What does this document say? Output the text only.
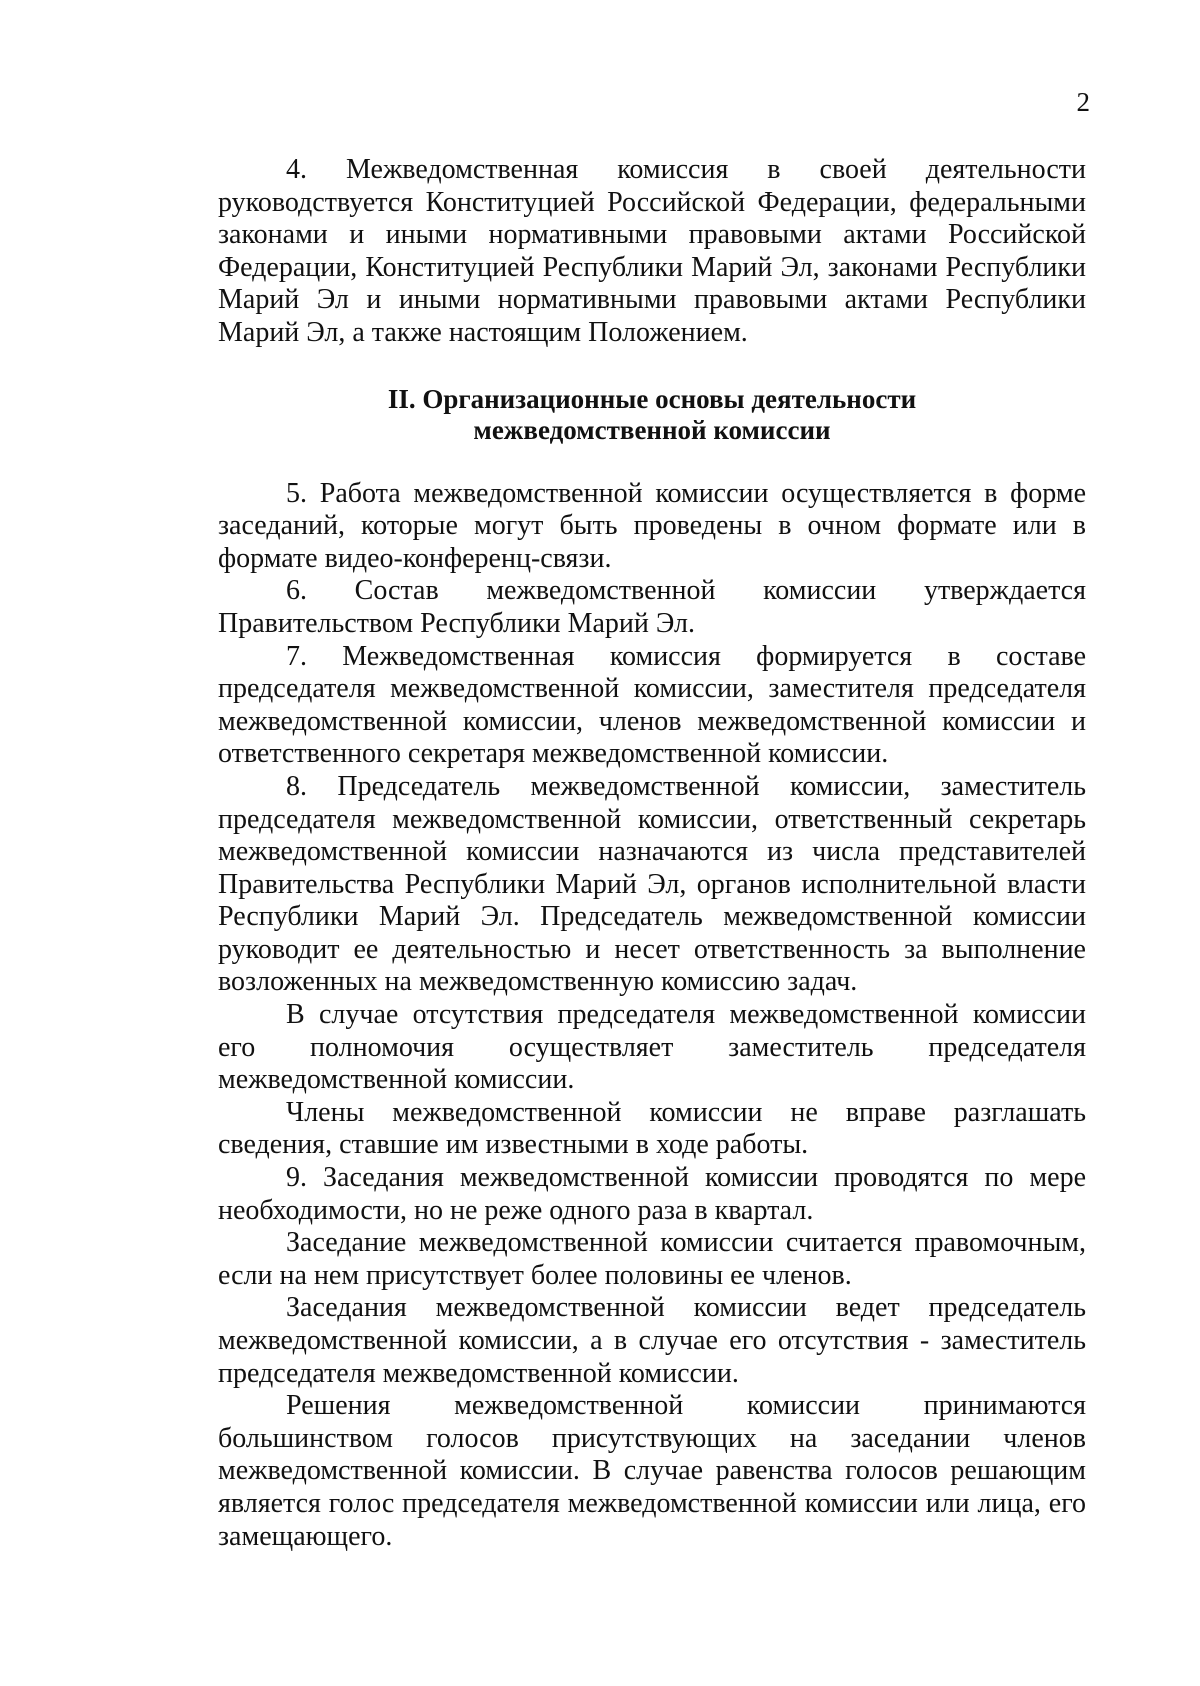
2

4. Межведомственная комиссия в своей деятельности руководствуется Конституцией Российской Федерации, федеральными законами и иными нормативными правовыми актами Российской Федерации, Конституцией Республики Марий Эл, законами Республики Марий Эл и иными нормативными правовыми актами Республики Марий Эл, а также настоящим Положением.

II. Организационные основы деятельности
межведомственной комиссии

5. Работа межведомственной комиссии осуществляется в форме заседаний, которые могут быть проведены в очном формате или в формате видео-конференц-связи.

6. Состав межведомственной комиссии утверждается Правительством Республики Марий Эл.

7. Межведомственная комиссия формируется в составе председателя межведомственной комиссии, заместителя председателя межведомственной комиссии, членов межведомственной комиссии и ответственного секретаря межведомственной комиссии.

8. Председатель межведомственной комиссии, заместитель председателя межведомственной комиссии, ответственный секретарь межведомственной комиссии назначаются из числа представителей Правительства Республики Марий Эл, органов исполнительной власти Республики Марий Эл. Председатель межведомственной комиссии руководит ее деятельностью и несет ответственность за выполнение возложенных на межведомственную комиссию задач.

В случае отсутствия председателя межведомственной комиссии его полномочия осуществляет заместитель председателя межведомственной комиссии.

Члены межведомственной комиссии не вправе разглашать сведения, ставшие им известными в ходе работы.

9. Заседания межведомственной комиссии проводятся по мере необходимости, но не реже одного раза в квартал.

Заседание межведомственной комиссии считается правомочным, если на нем присутствует более половины ее членов.

Заседания межведомственной комиссии ведет председатель межведомственной комиссии, а в случае его отсутствия - заместитель председателя межведомственной комиссии.

Решения межведомственной комиссии принимаются большинством голосов присутствующих на заседании членов межведомственной комиссии. В случае равенства голосов решающим является голос председателя межведомственной комиссии или лица, его замещающего.
